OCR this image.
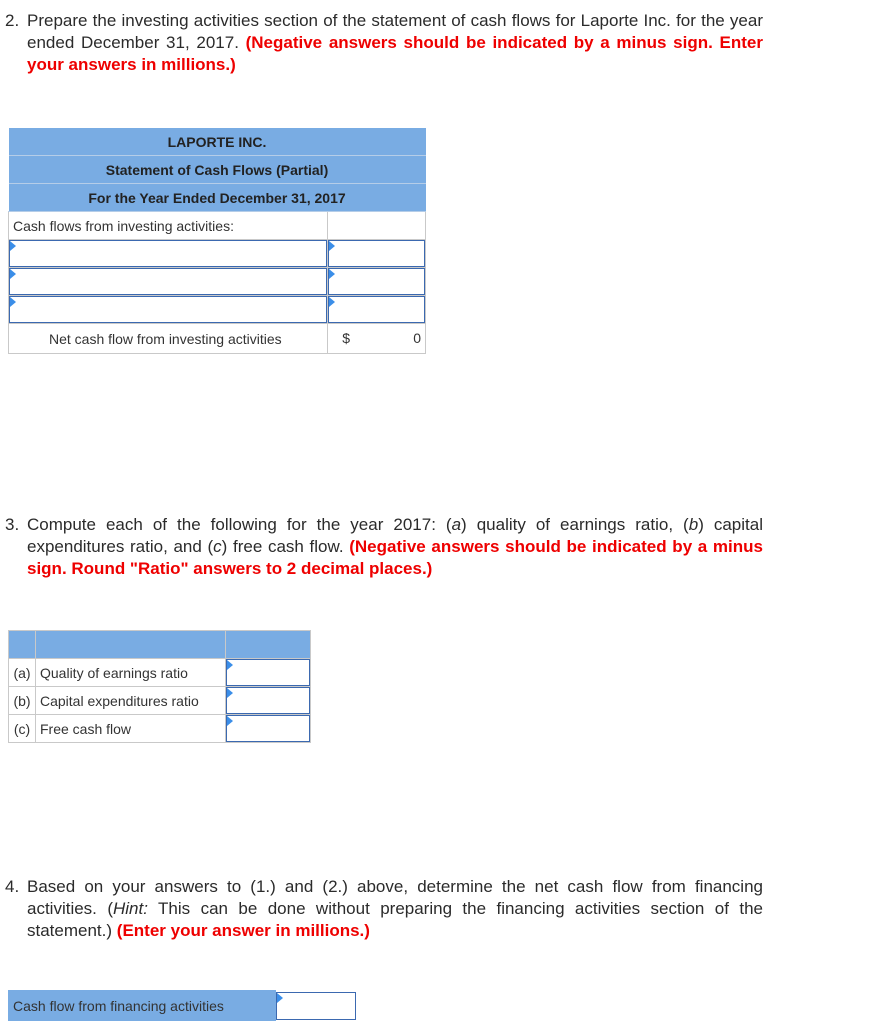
2. Prepare the investing activities section of the statement of cash flows for Laporte Inc. for the year ended December 31, 2017. (Negative answers should be indicated by a minus sign. Enter your answers in millions.)
LAPORTE INC.	
Statement of Cash Flows (Partial)	
For the Year Ended December 31, 2017	
Cash flows from investing activities:	

Net cash flow from investing activities	$ 0
3. Compute each of the following for the year 2017: (a) quality of earnings ratio, (b) capital expenditures ratio, and (c) free cash flow. (Negative answers should be indicated by a minus sign. Round "Ratio" answers to 2 decimal places.)

(a)	Quality of earnings ratio	

(b)	Capital expenditures ratio	

(c)	Free cash flow	
4. Based on your answers to (1.) and (2.) above, determine the net cash flow from financing activities. (Hint: This can be done without preparing the financing activities section of the statement.) (Enter your answer in millions.)
Cash flow from financing activities	
